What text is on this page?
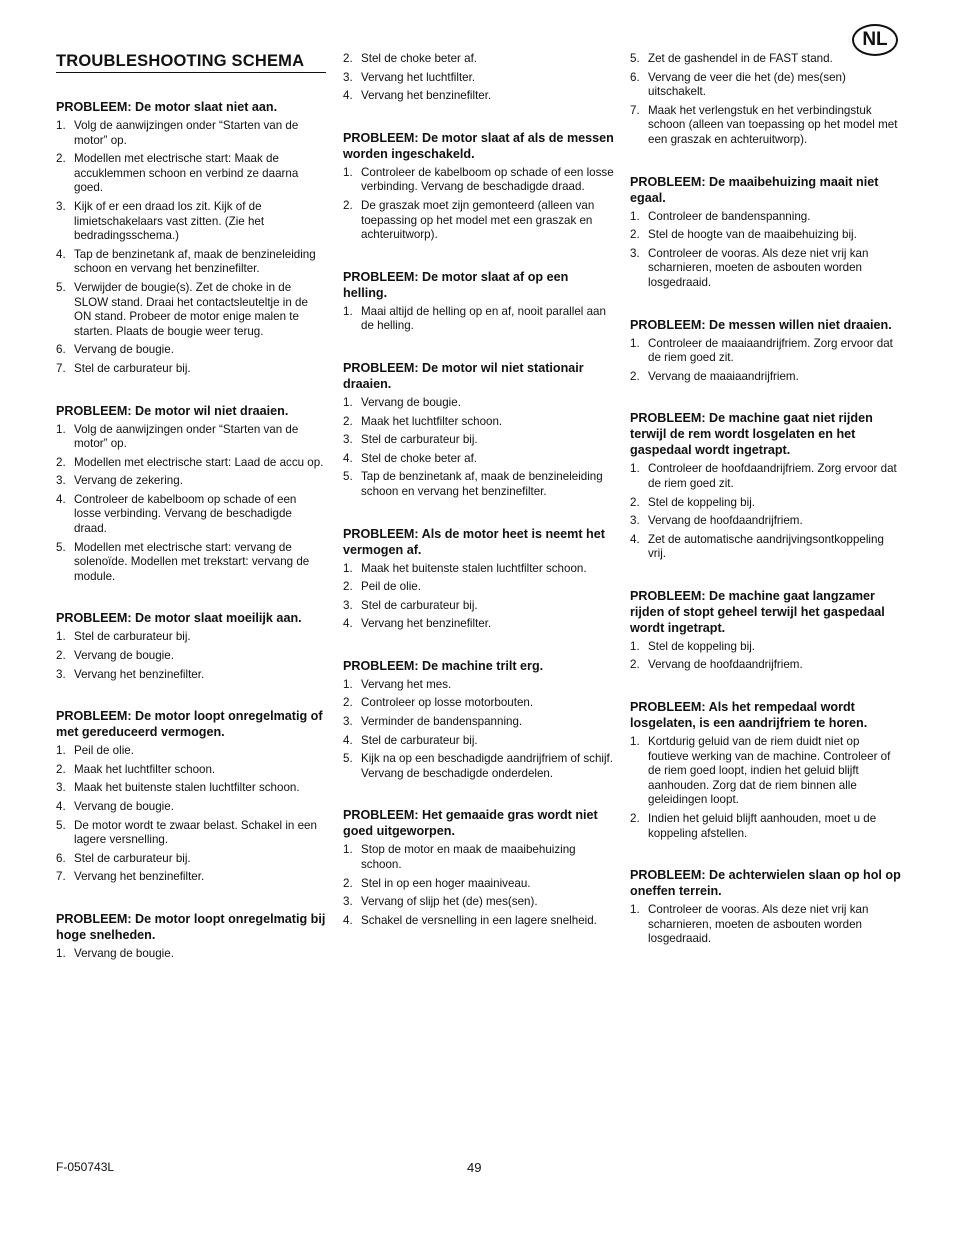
NL
TROUBLESHOOTING SCHEMA
PROBLEEM: De motor slaat niet aan.
1. Volg de aanwijzingen onder “Starten van de motor” op.
2. Modellen met electrische start: Maak de accuklemmen schoon en verbind ze daarna goed.
3. Kijk of er een draad los zit. Kijk of de limietschakelaars vast zitten. (Zie het bedradingsschema.)
4. Tap de benzinetank af, maak de benzineleiding schoon en vervang het benzinefilter.
5. Verwijder de bougie(s). Zet de choke in de SLOW stand. Draai het contactsleuteltje in de ON stand. Probeer de motor enige malen te starten. Plaats de bougie weer terug.
6. Vervang de bougie.
7. Stel de carburateur bij.
PROBLEEM: De motor wil niet draaien.
1. Volg de aanwijzingen onder “Starten van de motor” op.
2. Modellen met electrische start: Laad de accu op.
3. Vervang de zekering.
4. Controleer de kabelboom op schade of een losse verbinding. Vervang de beschadigde draad.
5. Modellen met electrische start: vervang de solenoïde. Modellen met trekstart: vervang de module.
PROBLEEM: De motor slaat moeilijk aan.
1. Stel de carburateur bij.
2. Vervang de bougie.
3. Vervang het benzinefilter.
PROBLEEM: De motor loopt onregelmatig of met gereduceerd vermogen.
1. Peil de olie.
2. Maak het luchtfilter schoon.
3. Maak het buitenste stalen luchtfilter schoon.
4. Vervang de bougie.
5. De motor wordt te zwaar belast. Schakel in een lagere versnelling.
6. Stel de carburateur bij.
7. Vervang het benzinefilter.
PROBLEEM: De motor loopt onregelmatig bij hoge snelheden.
1. Vervang de bougie.
2. Stel de choke beter af.
3. Vervang het luchtfilter.
4. Vervang het benzinefilter.
PROBLEEM: De motor slaat af als de messen worden ingeschakeld.
1. Controleer de kabelboom op schade of een losse verbinding. Vervang de beschadigde draad.
2. De graszak moet zijn gemonteerd (alleen van toepassing op het model met een graszak en achteruitworp).
PROBLEEM: De motor slaat af op een helling.
1. Maai altijd de helling op en af, nooit parallel aan de helling.
PROBLEEM: De motor wil niet stationair draaien.
1. Vervang de bougie.
2. Maak het luchtfilter schoon.
3. Stel de carburateur bij.
4. Stel de choke beter af.
5. Tap de benzinetank af, maak de benzineleiding schoon en vervang het benzinefilter.
PROBLEEM: Als de motor heet is neemt het vermogen af.
1. Maak het buitenste stalen luchtfilter schoon.
2. Peil de olie.
3. Stel de carburateur bij.
4. Vervang het benzinefilter.
PROBLEEM: De machine trilt erg.
1. Vervang het mes.
2. Controleer op losse motorbouten.
3. Verminder de bandenspanning.
4. Stel de carburateur bij.
5. Kijk na op een beschadigde aandrijfriem of schijf. Vervang de beschadigde onderdelen.
PROBLEEM: Het gemaaide gras wordt niet goed uitgeworpen.
1. Stop de motor en maak de maaibehuizing schoon.
2. Stel in op een hoger maainiveau.
3. Vervang of slijp het (de) mes(sen).
4. Schakel de versnelling in een lagere snelheid.
5. Zet de gashendel in de FAST stand.
6. Vervang de veer die het (de) mes(sen) uitschakelt.
7. Maak het verlengstuk en het verbindingstuk schoon (alleen van toepassing op het model met een graszak en achteruitworp).
PROBLEEM: De maaibehuizing maait niet egaal.
1. Controleer de bandenspanning.
2. Stel de hoogte van de maaibehuizing bij.
3. Controleer de vooras. Als deze niet vrij kan scharnieren, moeten de asbouten worden losgedraaid.
PROBLEEM: De messen willen niet draaien.
1. Controleer de maaiaandrijfriem. Zorg ervoor dat de riem goed zit.
2. Vervang de maaiaandrijfriem.
PROBLEEM: De machine gaat niet rijden terwijl de rem wordt losgelaten en het gaspedaal wordt ingetrapt.
1. Controleer de hoofdaandrijfriem. Zorg ervoor dat de riem goed zit.
2. Stel de koppeling bij.
3. Vervang de hoofdaandrijfriem.
4. Zet de automatische aandrijvingsontkoppeling vrij.
PROBLEEM: De machine gaat langzamer rijden of stopt geheel terwijl het gaspedaal wordt ingetrapt.
1. Stel de koppeling bij.
2. Vervang de hoofdaandrijfriem.
PROBLEEM: Als het rempedaal wordt losgelaten, is een aandrijfriem te horen.
1. Kortdurig geluid van de riem duidt niet op foutieve werking van de machine. Controleer of de riem goed loopt, indien het geluid blijft aanhouden. Zorg dat de riem binnen alle geleidingen loopt.
2. Indien het geluid blijft aanhouden, moet u de koppeling afstellen.
PROBLEEM: De achterwielen slaan op hol op oneffen terrein.
1. Controleer de vooras. Als deze niet vrij kan scharnieren, moeten de asbouten worden losgedraaid.
F-050743L	49
